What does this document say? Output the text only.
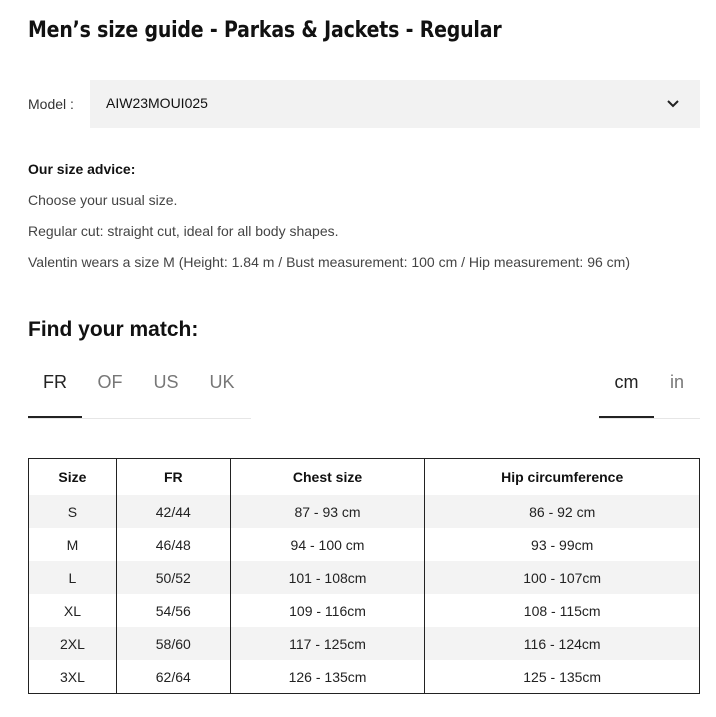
Men’s size guide - Parkas & Jackets - Regular
Model : AIW23MOUI025

Our size advice:

Choose your usual size.

Regular cut: straight cut, ideal for all body shapes.

Valentin wears a size M (Height: 1.84 m / Bust measurement: 100 cm / Hip measurement: 96 cm)

Find your match:
FR	OF	US	UK	cm	in
Size	FR	Chest size	Hip circumference
S	42/44	87 - 93 cm	86 - 92 cm
M	46/48	94 - 100 cm	93 - 99cm
L	50/52	101 - 108cm	100 - 107cm
XL	54/56	109 - 116cm	108 - 115cm
2XL	58/60	117 - 125cm	116 - 124cm
3XL	62/64	126 - 135cm	125 - 135cm
